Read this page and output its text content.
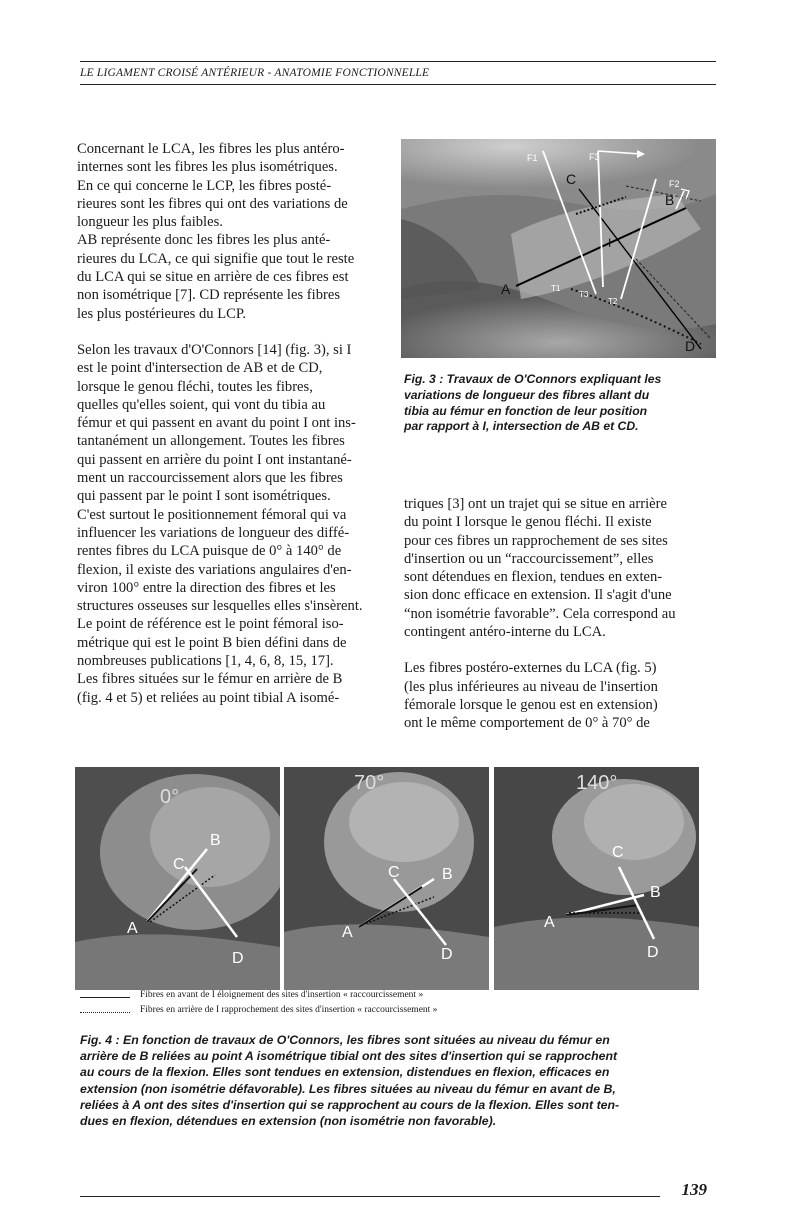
LE LIGAMENT CROISÉ ANTÉRIEUR - ANATOMIE FONCTIONNELLE

Concernant le LCA, les fibres les plus antéro-
internes sont les fibres les plus isométriques.
En ce qui concerne le LCP, les fibres posté-
rieures sont les fibres qui ont des variations de
longueur les plus faibles.
AB représente donc les fibres les plus anté-
rieures du LCA, ce qui signifie que tout le reste
du LCA qui se situe en arrière de ces fibres est
non isométrique [7]. CD représente les fibres
les plus postérieures du LCP.

Selon les travaux d'O'Connors [14] (fig. 3), si I
est le point d'intersection de AB et de CD,
lorsque le genou fléchi, toutes les fibres,
quelles qu'elles soient, qui vont du tibia au
fémur et qui passent en avant du point I ont ins-
tantanément un allongement. Toutes les fibres
qui passent en arrière du point I ont instantané-
ment un raccourcissement alors que les fibres
qui passent par le point I sont isométriques.
C'est surtout le positionnement fémoral qui va
influencer les variations de longueur des diffé-
rentes fibres du LCA puisque de 0° à 140° de
flexion, il existe des variations angulaires d'en-
viron 100° entre la direction des fibres et les
structures osseuses sur lesquelles elles s'insèrent.
Le point de référence est le point fémoral iso-
métrique qui est le point B bien défini dans de
nombreuses publications [1, 4, 6, 8, 15, 17].
Les fibres situées sur le fémur en arrière de B
(fig. 4 et 5) et reliées au point tibial A isomé-

F1	F3
F2
C
B
I
A	T1
T3
T2
D
Fig. 3 : Travaux de O'Connors expliquant les
variations de longueur des fibres allant du
tibia au fémur en fonction de leur position
par rapport à I, intersection de AB et CD.

triques [3] ont un trajet qui se situe en arrière
du point I lorsque le genou fléchi. Il existe
pour ces fibres un rapprochement de ses sites
d'insertion ou un “raccourcissement”, elles
sont détendues en flexion, tendues en exten-
sion donc efficace en extension. Il s'agit d'une
“non isométrie favorable”. Cela correspond au
contingent antéro-interne du LCA.

Les fibres postéro-externes du LCA (fig. 5)
(les plus inférieures au niveau de l'insertion
fémorale lorsque le genou est en extension)
ont le même comportement de 0° à 70° de

0°
A
B
C
D
70°
A
B
C
D
140°
A
B
C
D
Fibres en avant de I éloignement des sites d'insertion « raccourcissement »
Fibres en arrière de I rapprochement des sites d'insertion « raccourcissement »
Fig. 4 : En fonction de travaux de O'Connors, les fibres sont situées au niveau du fémur en
arrière de B reliées au point A isométrique tibial ont des sites d'insertion qui se rapprochent
au cours de la flexion. Elles sont tendues en extension, distendues en flexion, efficaces en
extension (non isométrie défavorable). Les fibres situées au niveau du fémur en avant de B,
reliées à A ont des sites d'insertion qui se rapprochent au cours de la flexion. Elles sont ten-
dues en flexion, détendues en extension (non isométrie non favorable).
139
